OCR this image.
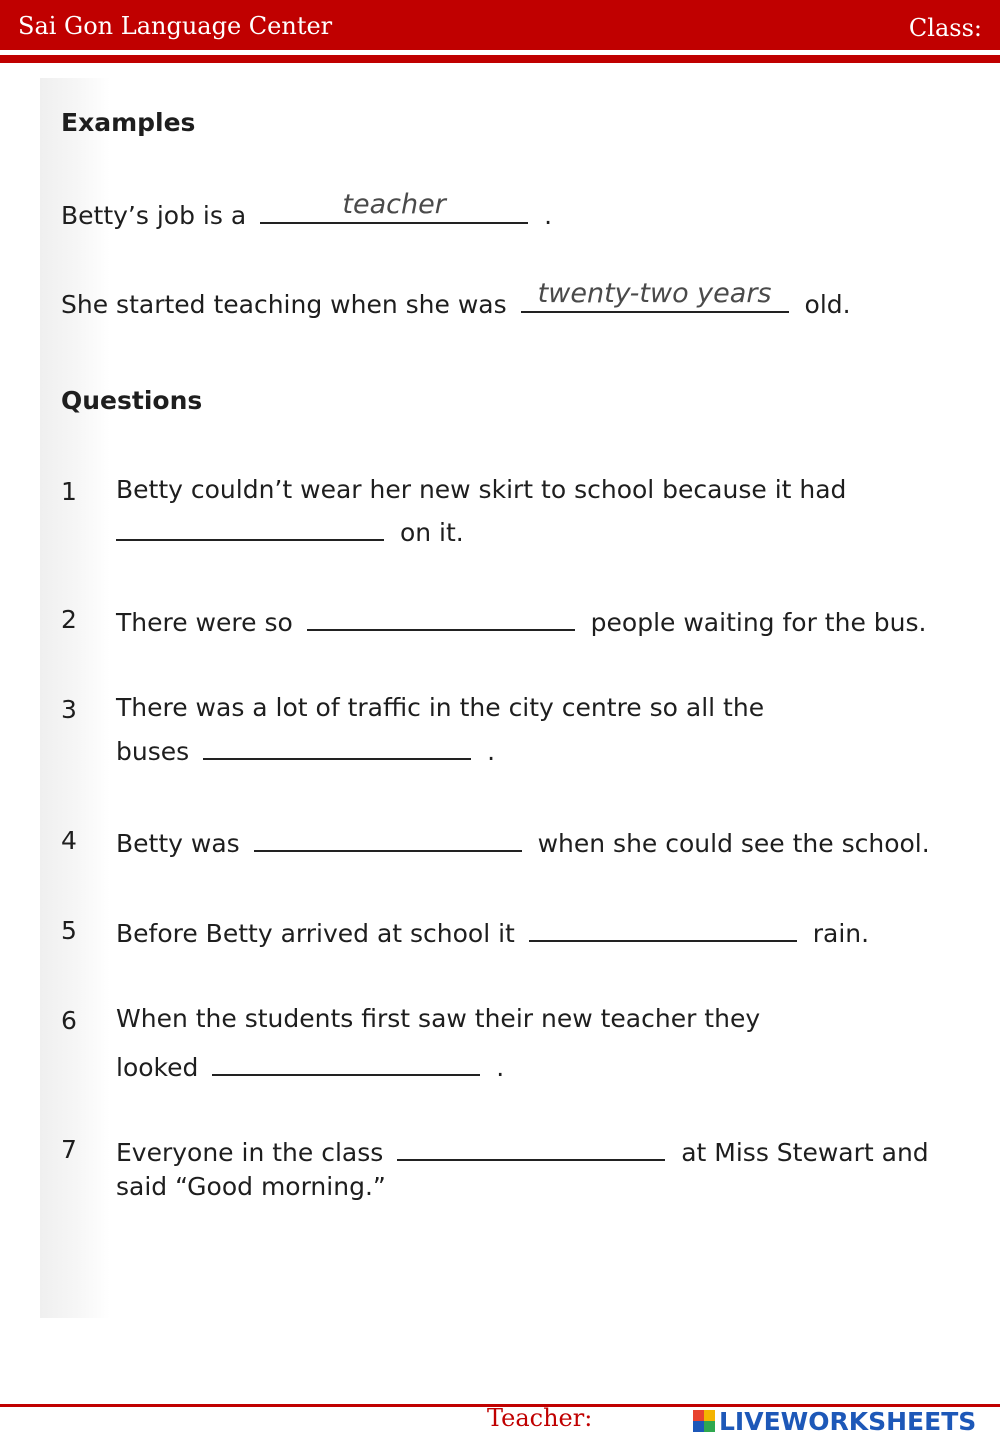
Sai Gon Language Center	Class:
Examples
Betty’s job is a	teacher	.
She started teaching when she was	twenty-two years	old.
Questions
1 Betty couldn’t wear her new skirt to school because it had
on it.
2 There were so	people waiting for the bus.
3 There was a lot of traffic in the city centre so all the
buses	.
4 Betty was	when she could see the school.
5 Before Betty arrived at school it	rain.
6 When the students first saw their new teacher they
looked	.
7 Everyone in the class	at Miss Stewart and
said “Good morning.”
Teacher:	LIVEWORKSHEETS
